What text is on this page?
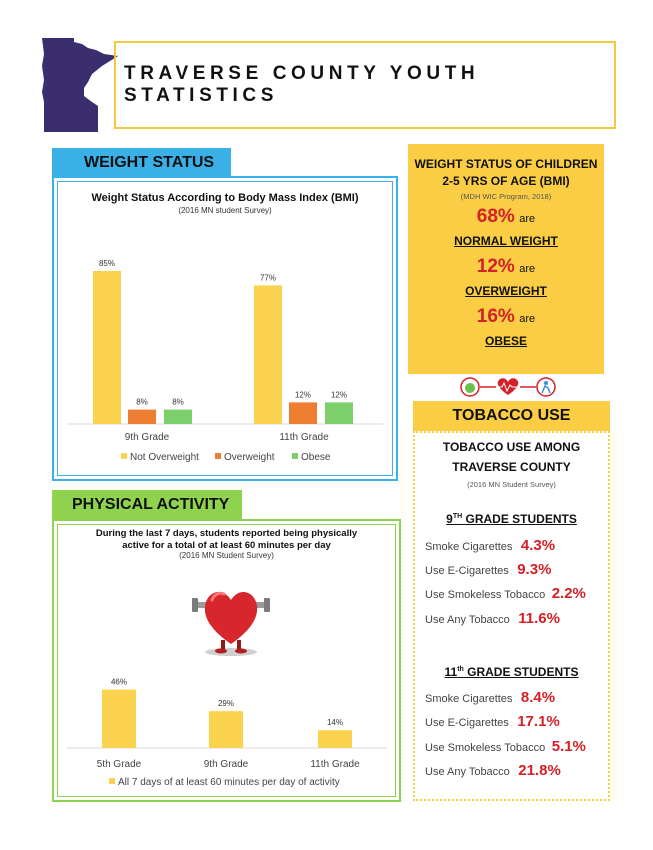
TRAVERSE COUNTY YOUTH STATISTICS
WEIGHT STATUS
Weight Status According to Body Mass Index (BMI)
(2016 MN student Survey)
85%
8%	8%
77%
12% 12%
9th Grade	11th Grade
Not Overweight	Overweight	Obese
PHYSICAL ACTIVITY
During the last 7 days, students reported being physically
active for a total of at least 60 minutes per day
(2016 MN Student Survey)
46%
29%
14%
5th Grade	9th Grade	11th Grade
All 7 days of at least 60 minutes per day of activity
WEIGHT STATUS OF CHILDREN
2-5 YRS OF AGE (BMI)
(MDH WIC Program, 2018)
68% are
NORMAL WEIGHT
12% are
OVERWEIGHT
16% are
OBESE
TOBACCO USE
TOBACCO USE AMONG
TRAVERSE COUNTY
(2016 MN Student Survey)
9TH GRADE STUDENTS
Smoke Cigarettes 4.3%
Use E-Cigarettes 9.3%
Use Smokeless Tobacco 2.2%
Use Any Tobacco 11.6%
11th GRADE STUDENTS
Smoke Cigarettes 8.4%
Use E-Cigarettes 17.1%
Use Smokeless Tobacco 5.1%
Use Any Tobacco 21.8%
